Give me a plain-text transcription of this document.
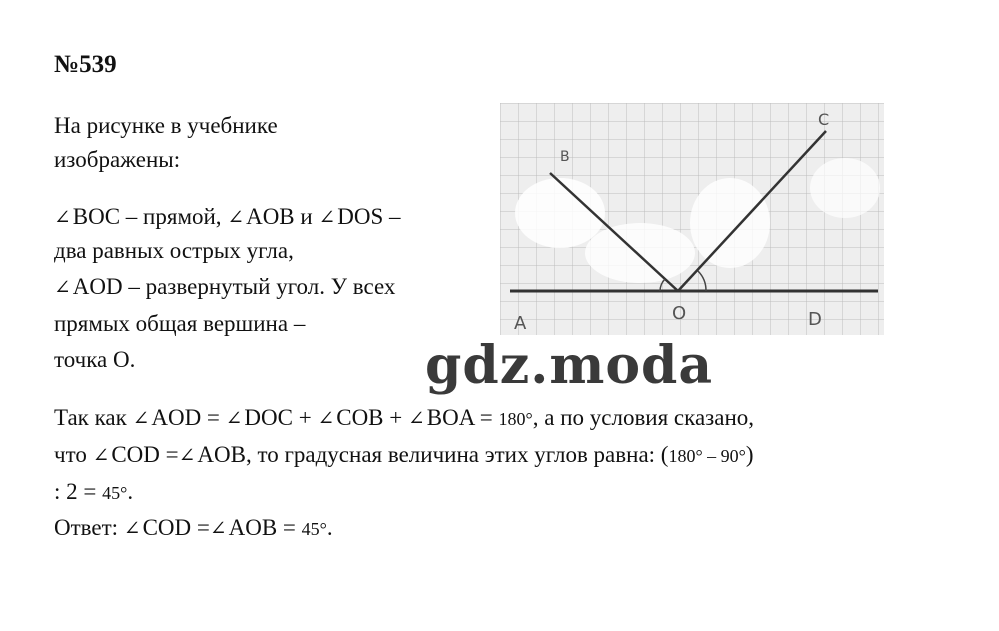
№539
На рисунке в учебнике
изображены:
∠BOC – прямой, ∠AOB и ∠DOS –
два равных острых угла,
∠AOD – развернутый угол. У всех
прямых общая вершина –
точка O.
Так как ∠AOD = ∠DOC + ∠COB + ∠BOA = 180°, а по условия сказано,
что ∠COD =∠AOB, то градусная величина этих углов равна: (180° – 90°)
: 2 = 45°.
Ответ: ∠COD =∠AOB = 45°.
B
C
A	O	D
gdz.moda
